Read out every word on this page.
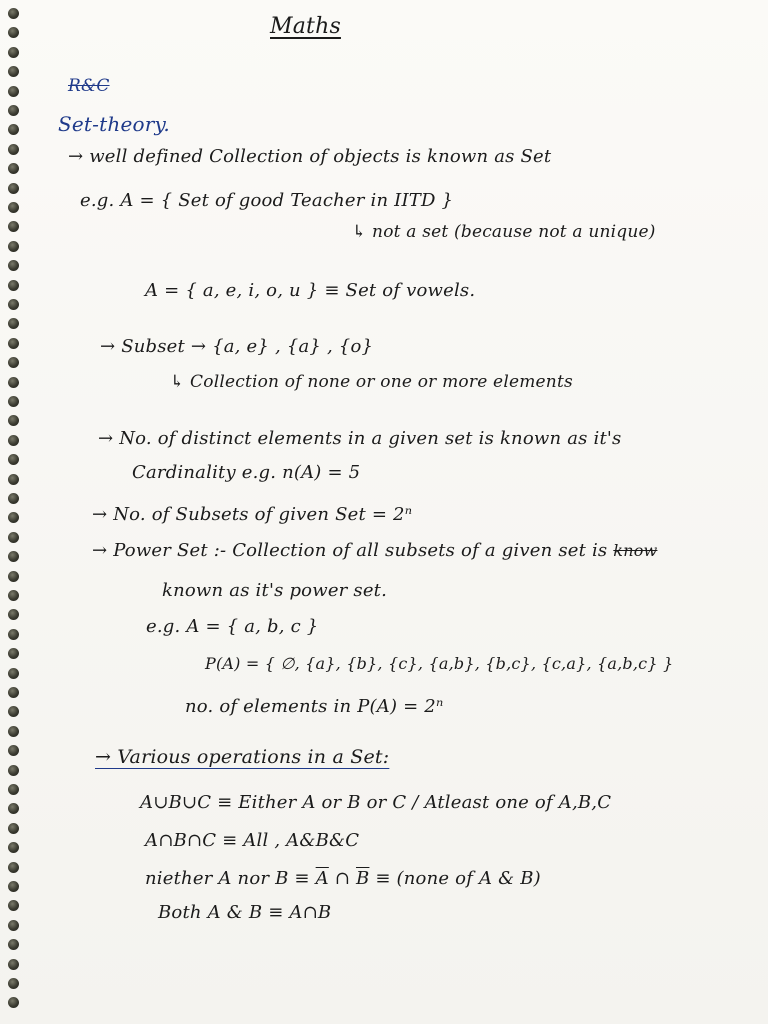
Maths
R&C
Set-theory.
→ well defined Collection of objects is known as Set
e.g. A = { Set of good Teacher in IITD }
↳ not a set (because not a unique)
A = { a, e, i, o, u } ≡ Set of vowels.
→ Subset → {a, e} , {a} , {o}
↳ Collection of none or one or more elements
→ No. of distinct elements in a given set is known as it's
Cardinality e.g. n(A) = 5
→ No. of Subsets of given Set = 2ⁿ
→ Power Set :- Collection of all subsets of a given set is know
known as it's power set.
e.g. A = { a, b, c }
P(A) = { ∅, {a}, {b}, {c}, {a,b}, {b,c}, {c,a}, {a,b,c} }
no. of elements in P(A) = 2ⁿ
→ Various operations in a Set:
A∪B∪C ≡ Either A or B or C / Atleast one of A,B,C
A∩B∩C ≡ All , A&B&C
niether A nor $B \equiv \overline{A}$ ∩ $\overline{B}$ ≡ (none of A & B)
Both A & B ≡ A∩B
